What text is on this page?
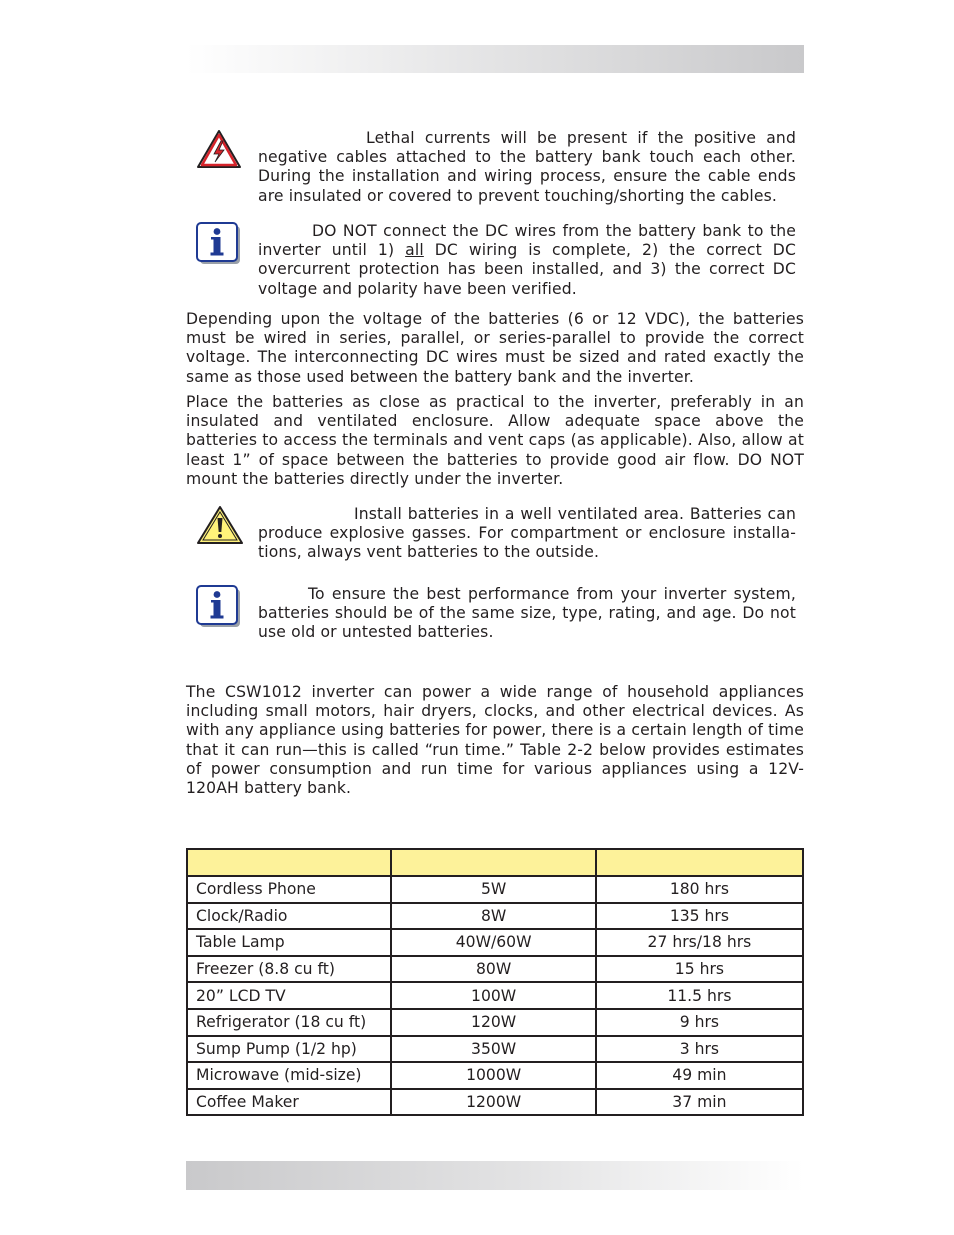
Lethal currents will be present if the positive and negative cables attached to the battery bank touch each other. During the installation and wiring process, ensure the cable ends are insulated or covered to prevent touching/shorting the cables.
DO NOT connect the DC wires from the battery bank to the inverter until 1) all DC wiring is complete, 2) the correct DC overcurrent protection has been installed, and 3) the correct DC voltage and polarity have been verified.

Depending upon the voltage of the batteries (6 or 12 VDC), the batteries must be wired in series, parallel, or series-parallel to provide the correct voltage. The interconnecting DC wires must be sized and rated exactly the same as those used between the battery bank and the inverter.

Place the batteries as close as practical to the inverter, preferably in an insulated and ventilated enclosure. Allow adequate space above the batteries to access the terminals and vent caps (as applicable). Also, allow at least 1” of space between the batteries to provide good air flow. DO NOT mount the batteries directly under the inverter.

Install batteries in a well ventilated area. Batteries can produce explosive gasses. For compartment or enclosure installa-tions, always vent batteries to the outside.
To ensure the best performance from your inverter system, batteries should be of the same size, type, rating, and age. Do not use old or untested batteries.

The CSW1012 inverter can power a wide range of household appliances including small motors, hair dryers, clocks, and other electrical devices. As with any appliance using batteries for power, there is a certain length of time that it can run—this is called “run time.” Table 2-2 below provides estimates of power consumption and run time for various appliances using a 12V-120AH battery bank.

Cordless Phone	5W	180 hrs
Clock/Radio	8W	135 hrs
Table Lamp	40W/60W	27 hrs/18 hrs
Freezer (8.8 cu ft)	80W	15 hrs
20” LCD TV	100W	11.5 hrs
Refrigerator (18 cu ft)	120W	9 hrs
Sump Pump (1/2 hp)	350W	3 hrs
Microwave (mid-size)	1000W	49 min
Coffee Maker	1200W	37 min
